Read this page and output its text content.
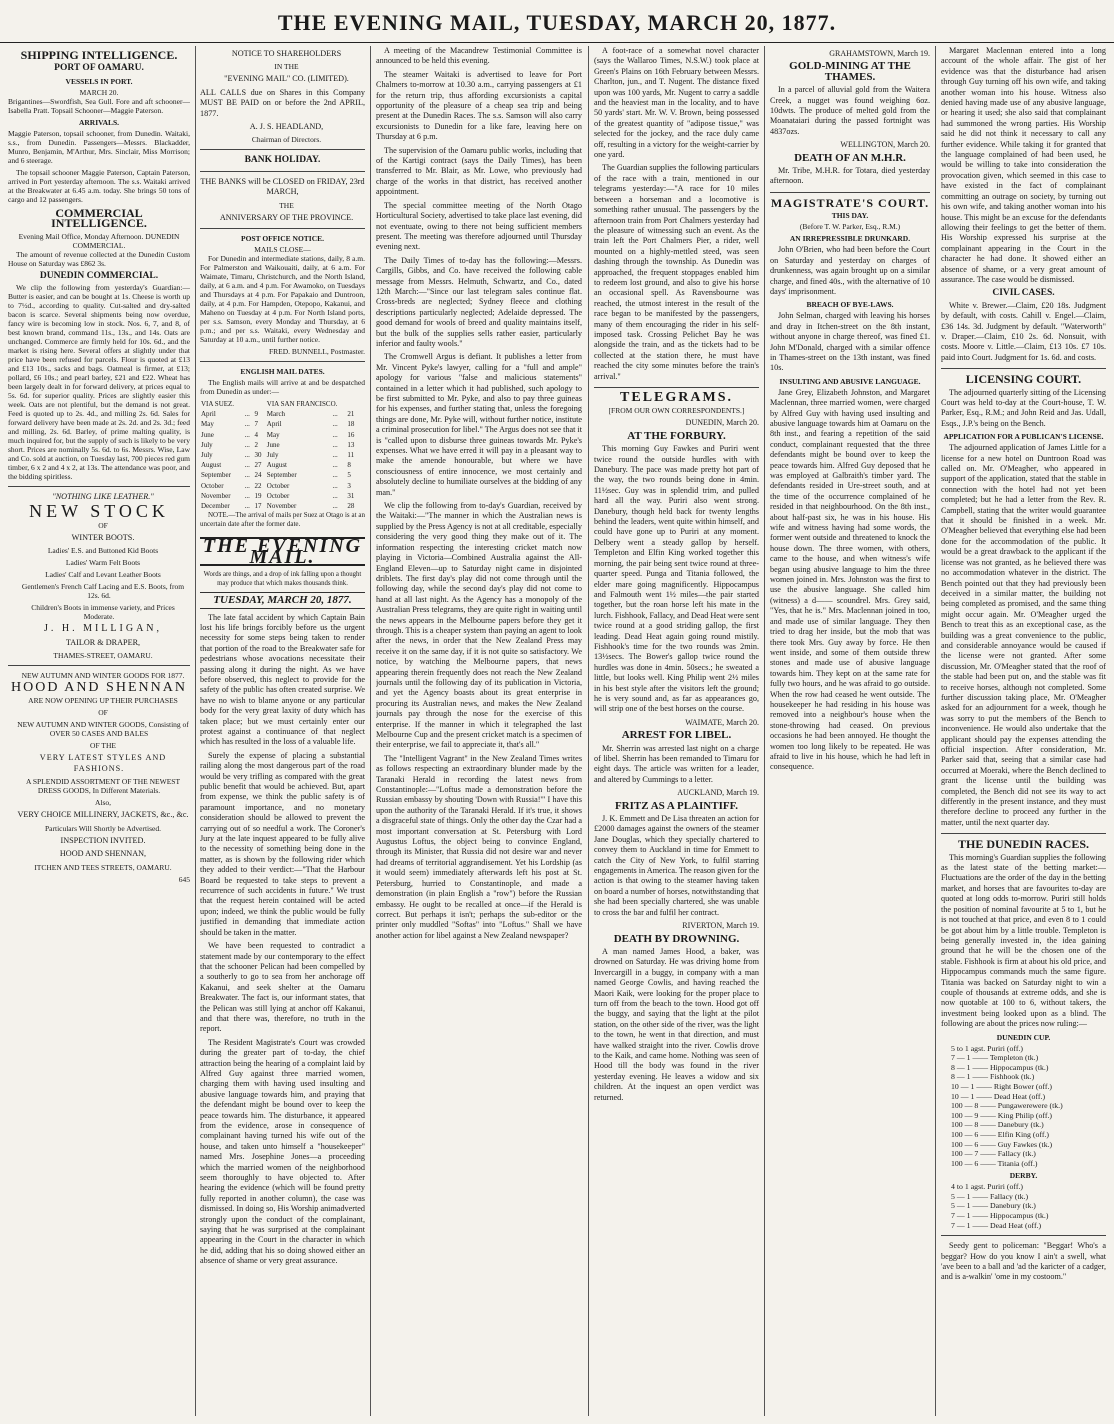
THE EVENING MAIL, TUESDAY, MARCH 20, 1877.
SHIPPING INTELLIGENCE.
PORT OF OAMARU.
VESSELS IN PORT.
MARCH 20.

Brigantines—Swordfish, Sea Gull. Fore and aft schooner—Isabella Pratt. Topsail Schooner—Maggie Paterson.

ARRIVALS.

Maggie Paterson, topsail schooner, from Dunedin. Waitaki, s.s., from Dunedin. Passengers—Messrs. Blackadder, Munro, Benjamin, M'Arthur, Mrs. Sinclair, Miss Morrison; and 6 steerage.

The topsail schooner Maggie Paterson, Captain Paterson, arrived in Port yesterday afternoon. The s.s. Waitaki arrived at the Breakwater at 6.45 a.m. today. She brings 50 tons of cargo and 12 passengers.

COMMERCIAL INTELLIGENCE.
Evening Mail Office, Monday Afternoon. DUNEDIN COMMERCIAL.

The amount of revenue collected at the Dunedin Custom House on Saturday was £862 3s.

DUNEDIN COMMERCIAL.

We clip the following from yesterday's Guardian:—Butter is easier, and can be bought at 1s. Cheese is worth up to 7½d., according to quality. Cut-salted and dry-salted bacon is scarce. Several shipments being now overdue, fancy wire is becoming low in stock. Nos. 6, 7, and 8, of best known brand, command 11s., 13s., and 14s. Oats are unchanged. Commerce are firmly held for 10s. 6d., and the market is rising here. Several offers at slightly under that price have been refused for parcels. Flour is quoted at £13 and £13 10s., sacks and bags. Oatmeal is firmer, at £13; pollard, £6 10s.; and pearl barley, £21 and £22. Wheat has been largely dealt in for forward delivery, at prices equal to 5s. 6d. for superior quality. Prices are slightly easier this week. Oats are not plentiful, but the demand is not great. Feed is quoted up to 2s. 4d., and milling 2s. 6d. Sales for forward delivery have been made at 2s. 2d. and 2s. 3d.; feed and milling, 2s. 6d. Barley, of prime malting quality, is much inquired for, but the supply of such is likely to be very short. Prices are nominally 5s. 6d. to 6s. Messrs. Wise, Law and Co. sold at auction, on Tuesday last, 700 pieces red gum timber, 6 x 2 and 4 x 2, at 13s. The attendance was poor, and the bidding spiritless.

"NOTHING LIKE LEATHER."

NEW STOCK

OF

WINTER BOOTS.

Ladies' E.S. and Buttoned Kid Boots

Ladies' Warm Felt Boots

Ladies' Calf and Levant Leather Boots

Gentlemen's French Calf Lacing and E.S. Boots, from 12s. 6d.

Children's Boots in immense variety, and Prices Moderate.

J. H. MILLIGAN,

TAILOR & DRAPER,

THAMES-STREET, OAMARU.

NEW AUTUMN AND WINTER GOODS FOR 1877.

HOOD AND SHENNAN

ARE NOW OPENING UP THEIR PURCHASES

OF

NEW AUTUMN AND WINTER GOODS, Consisting of OVER 50 CASES AND BALES

OF THE

VERY LATEST STYLES AND FASHIONS.

A SPLENDID ASSORTMENT OF THE NEWEST DRESS GOODS, In Different Materials.

Also,

VERY CHOICE MILLINERY, JACKETS, &c., &c.

Particulars Will Shortly be Advertised.

INSPECTION INVITED.

HOOD AND SHENNAN,

ITCHEN AND TEES STREETS, OAMARU.

645

NOTICE TO SHAREHOLDERS

IN THE

"EVENING MAIL" CO. (LIMITED).

ALL CALLS due on Shares in this Company MUST BE PAID on or before the 2nd APRIL, 1877.

A. J. S. HEADLAND,

Chairman of Directors.

BANK HOLIDAY.

THE BANKS will be CLOSED on FRIDAY, 23rd MARCH,

THE

ANNIVERSARY OF THE PROVINCE.

POST OFFICE NOTICE.
MAILS CLOSE—

For Dunedin and intermediate stations, daily, 8 a.m. For Palmerston and Waikouaiti, daily, at 6 a.m. For Waimate, Timaru, Christchurch, and the North Island, daily, at 6 a.m. and 4 p.m. For Awamoko, on Tuesdays and Thursdays at 4 p.m. For Papakaio and Duntroon, daily, at 4 p.m. For Hampden, Otepopo, Kakanui, and Maheno on Tuesday at 4 p.m. For North Island ports, per s.s. Samson, every Monday and Thursday, at 6 p.m.; and per s.s. Waitaki, every Wednesday and Saturday at 10 a.m., until further notice.

FRED. BUNNELL, Postmaster.

ENGLISH MAIL DATES.

The English mails will arrive at and be despatched from Dunedin as under:—

VIA SUEZ.			VIA SAN FRANCISCO.		
April	...	9	March	...	21
May	...	7	April	...	18
June	...	4	May	...	16
July	...	2	June	...	13
July	...	30	July	...	11
August	...	27	August	...	8
September	...	24	September	...	5
October	...	22	October	...	3
November	...	19	October	...	31
December	...	17	November	...	28

NOTE.—The arrival of mails per Suez at Otago is at an uncertain date after the former date.

THE EVENING MAIL.

Words are things, and a drop of ink falling upon a thought may produce that which makes thousands think.

TUESDAY, MARCH 20, 1877.

The late fatal accident by which Captain Bain lost his life brings forcibly before us the urgent necessity for some steps being taken to render that portion of the road to the Breakwater safe for pedestrians whose avocations necessitate their passing along it during the night. As we have before observed, this neglect to provide for the safety of the public has often created surprise. We have no wish to blame anyone or any particular body for the very great laxity of duty which has taken place; but we must certainly enter our protest against a continuance of that neglect which has resulted in the loss of a valuable life.

Surely the expense of placing a substantial railing along the most dangerous part of the road would be very trifling as compared with the great public benefit that would be achieved. But, apart from expense, we think the public safety is of paramount importance, and no monetary consideration should be allowed to prevent the carrying out of so needful a work. The Coroner's Jury at the late inquest appeared to be fully alive to the necessity of something being done in the matter, as is shown by the following rider which they added to their verdict:—"That the Harbour Board be requested to take steps to prevent a recurrence of such accidents in future." We trust that the request herein contained will be acted upon; indeed, we think the public would be fully justified in demanding that immediate action should be taken in the matter.

We have been requested to contradict a statement made by our contemporary to the effect that the schooner Pelican had been compelled by a southerly to go to sea from her anchorage off Kakanui, and seek shelter at the Oamaru Breakwater. The fact is, our informant states, that the Pelican was still lying at anchor off Kakanui, and that there was, therefore, no truth in the report.

The Resident Magistrate's Court was crowded during the greater part of to-day, the chief attraction being the hearing of a complaint laid by Alfred Guy against three married women, charging them with having used insulting and abusive language towards him, and praying that the defendant might be bound over to keep the peace towards him. The disturbance, it appeared from the evidence, arose in consequence of complainant having turned his wife out of the house, and taken unto himself a "housekeeper" named Mrs. Josephine Jones—a proceeding which the married women of the neighborhood seem thoroughly to have objected to. After hearing the evidence (which will be found pretty fully reported in another column), the case was dismissed. In doing so, His Worship animadverted strongly upon the conduct of the complainant, saying that he was surprised at the complainant appearing in the Court in the character in which he did, adding that his so doing showed either an absence of shame or very great assurance.

A meeting of the Macandrew Testimonial Committee is announced to be held this evening.

The steamer Waitaki is advertised to leave for Port Chalmers to-morrow at 10.30 a.m., carrying passengers at £1 for the return trip, thus affording excursionists a capital opportunity of the pleasure of a cheap sea trip and being present at the Dunedin Races. The s.s. Samson will also carry excursionists to Dunedin for a like fare, leaving here on Thursday at 6 p.m.

The supervision of the Oamaru public works, including that of the Kartigi contract (says the Daily Times), has been transferred to Mr. Blair, as Mr. Lowe, who previously had charge of the works in that district, has received another appointment.

The special committee meeting of the North Otago Horticultural Society, advertised to take place last evening, did not eventuate, owing to there not being sufficient members present. The meeting was therefore adjourned until Thursday evening next.

The Daily Times of to-day has the following:—Messrs. Cargills, Gibbs, and Co. have received the following cable message from Messrs. Helmuth, Schwartz, and Co., dated 12th March:—"Since our last telegram sales continue flat. Cross-breds are neglected; Sydney fleece and clothing descriptions particularly neglected; Adelaide depressed. The good demand for wools of breed and quality maintains itself, but the bulk of the supplies sells rather easier, particularly inferior and faulty wools."

The Cromwell Argus is defiant. It publishes a letter from Mr. Vincent Pyke's lawyer, calling for a "full and ample" apology for various "false and malicious statements" contained in a letter which it had published, such apology to be first submitted to Mr. Pyke, and also to pay three guineas for his expenses, and further stating that, unless the foregoing things are done, Mr. Pyke will, without further notice, institute a criminal prosecution for libel." The Argus does not see that it is "called upon to disburse three guineas towards Mr. Pyke's expenses. What we have erred it will pay in a pleasant way to make the amende honourable, but where we have consciousness of entire innocence, we most certainly and absolutely decline to humiliate ourselves at the bidding of any man."

We clip the following from to-day's Guardian, received by the Waitaki:—"The manner in which the Australian news is supplied by the Press Agency is not at all creditable, especially considering the very good thing they make out of it. The information respecting the interesting cricket match now playing in Victoria—Combined Australia against the All-England Eleven—up to Saturday night came in disjointed driblets. The first day's play did not come through until the following day, while the second day's play did not come to hand at all last night. As the Agency has a monopoly of the Australian Press telegrams, they are quite right in waiting until the news appears in the Melbourne papers before they get it through. This is a cheaper system than paying an agent to look after the news, in order that the New Zealand Press may receive it on the same day, if it is not quite so satisfactory. We notice, by watching the Melbourne papers, that news appearing therein frequently does not reach the New Zealand journals until the following day of its publication in Victoria, and yet the Agency boasts about its great enterprise in procuring its Australian news, and makes the New Zealand journals pay through the nose for the exercise of this enterprise. If the manner in which it telegraphed the last Melbourne Cup and the present cricket match is a specimen of their enterprise, we fail to appreciate it, that's all."

The "Intelligent Vagrant" in the New Zealand Times writes as follows respecting an extraordinary blunder made by the Taranaki Herald in recording the latest news from Constantinople:—"Loftus made a demonstration before the Russian embassy by shouting 'Down with Russia!'" I have this upon the authority of the Taranaki Herald. If it's true, it shows a disgraceful state of things. Only the other day the Czar had a most important conversation at St. Petersburg with Lord Augustus Loftus, the object being to convince England, through its Minister, that Russia did not desire war and never had dreams of territorial aggrandisement. Yet his Lordship (as it would seem) immediately afterwards left his post at St. Petersburg, hurried to Constantinople, and made a demonstration (in plain English a "row") before the Russian embassy. He ought to be recalled at once—if the Herald is correct. But perhaps it isn't; perhaps the sub-editor or the printer only muddled "Softas" into "Loftus." Shall we have another action for libel against a New Zealand newspaper?

A foot-race of a somewhat novel character (says the Wallaroo Times, N.S.W.) took place at Green's Plains on 16th February between Messrs. Charlton, jun., and T. Nugent. The distance fixed upon was 100 yards, Mr. Nugent to carry a saddle and the heaviest man in the locality, and to have 50 yards' start. Mr. W. V. Brown, being possessed of the greatest quantity of "adipose tissue," was selected for the jockey, and the race duly came off, resulting in a victory for the weight-carrier by one yard.

The Guardian supplies the following particulars of the race with a train, mentioned in our telegrams yesterday:—"A race for 10 miles between a horseman and a locomotive is something rather unusual. The passengers by the afternoon train from Port Chalmers yesterday had the pleasure of witnessing such an event. As the train left the Port Chalmers Pier, a rider, well mounted on a highly-mettled steed, was seen dashing through the township. As Dunedin was approached, the frequent stoppages enabled him to redeem lost ground, and also to give his horse an occasional spell. As Ravensbourne was reached, the utmost interest in the result of the race began to be manifested by the passengers, many of them encouraging the rider in his self-imposed task. Crossing Pelichet Bay he was alongside the train, and as the tickets had to be collected at the station there, he must have reached the city some minutes before the train's arrival."

TELEGRAMS.
[FROM OUR OWN CORRESPONDENTS.]
DUNEDIN, March 20.
AT THE FORBURY.

This morning Guy Fawkes and Puriri went twice round the outside hurdles with with Danebury. The pace was made pretty hot part of the way, the two rounds being done in 4min. 11½sec. Guy was in splendid trim, and pulled hard all the way. Puriri also went strong. Danebury, though held back for twenty lengths behind the leaders, went quite within himself, and could have gone up to Puriri at any moment. Delbery went a steady gallop by herself. Templeton and Elfin King worked together this morning, the pair being sent twice round at three-quarter speed. Punga and Titania followed, the elder mare going magnificently. Hippocampus and Falmouth went 1½ miles—the pair started together, but the roan horse left his mate in the lurch. Fishhook, Fallacy, and Dead Heat were sent twice round at a good striding gallop, the first leading. Dead Heat again going round mistily. Fishhook's time for the two rounds was 2min. 13½secs. The Bower's gallop twice round the hurdles was done in 4min. 50secs.; he sweated a little, but looks well. King Philip went 2½ miles in his best style after the visitors left the ground; he is very sound and, as far as appearances go, will strip one of the best horses on the course.

WAIMATE, March 20.
ARREST FOR LIBEL.

Mr. Sherrin was arrested last night on a charge of libel. Sherrin has been remanded to Timaru for eight days. The article was written for a leader, and altered by Cummings to a letter.

AUCKLAND, March 19.
FRITZ AS A PLAINTIFF.

J. K. Emmett and De Lisa threaten an action for £2000 damages against the owners of the steamer Jane Douglas, which they specially chartered to convey them to Auckland in time for Emmett to catch the City of New York, to fulfil starring engagements in America. The reason given for the action is that owing to the steamer having taken on board a number of horses, notwithstanding that she had been specially chartered, she was unable to cross the bar and fulfil her contract.

RIVERTON, March 19.
DEATH BY DROWNING.

A man named James Hood, a baker, was drowned on Saturday. He was driving home from Invercargill in a buggy, in company with a man named George Cowlis, and having reached the Maori Kaik, were looking for the proper place to turn off from the beach to the town. Hood got off the buggy, and saying that the light at the pilot station, on the other side of the river, was the light to the town, he went in that direction, and must have walked straight into the river. Cowlis drove to the Kaik, and came home. Nothing was seen of Hood till the body was found in the river yesterday evening. He leaves a widow and six children. At the inquest an open verdict was returned.

GRAHAMSTOWN, March 19.
GOLD-MINING AT THE THAMES.

In a parcel of alluvial gold from the Waitera Creek, a nugget was found weighing 6oz. 10dwts. The produce of melted gold from the Moanataiari during the passed fortnight was 4837ozs.

WELLINGTON, March 20.
DEATH OF AN M.H.R.

Mr. Tribe, M.H.R. for Totara, died yesterday afternoon.

MAGISTRATE'S COURT.
THIS DAY.
(Before T. W. Parker, Esq., R.M.)
AN IRREPRESSIBLE DRUNKARD.

John O'Brien, who had been before the Court on Saturday and yesterday on charges of drunkenness, was again brought up on a similar charge, and fined 40s., with the alternative of 10 days' imprisonment.

BREACH OF BYE-LAWS.

John Selman, charged with leaving his horses and dray in Itchen-street on the 8th instant, without anyone in charge thereof, was fined £1. John M'Donald, charged with a similar offence in Thames-street on the 13th instant, was fined 10s.

INSULTING AND ABUSIVE LANGUAGE.

Jane Grey, Elizabeth Johnston, and Margaret Maclennan, three married women, were charged by Alfred Guy with having used insulting and abusive language towards him at Oamaru on the 8th inst., and fearing a repetition of the said conduct, complainant requested that the three defendants might be bound over to keep the peace towards him. Alfred Guy deposed that he was employed at Galbraith's timber yard. The defendants resided in Ure-street south, and at the time of the occurrence complained of he resided in that neighbourhood. On the 8th inst., about half-past six, he was in his house. His wife and witness having had some words, the former went outside and threatened to knock the house down. The three women, with others, came to the house, and when witness's wife began using abusive language to him the three women joined in. Mrs. Johnston was the first to use the abusive language. She called him (witness) a d—— scoundrel. Mrs. Grey said, "Yes, that he is." Mrs. Maclennan joined in too, and made use of similar language. They then tried to drag her inside, but the mob that was there took Mrs. Guy away by force. He then went inside, and some of them outside threw stones and made use of abusive language towards him. They kept on at the same rate for fully two hours, and he was afraid to go outside. When the row had ceased he went outside. The housekeeper he had residing in his house was removed into a neighbour's house when the stone-throwing had ceased. On previous occasions he had been annoyed. He thought the women too long likely to be repeated. He was afraid to live in his house, which he had left in consequence.

Margaret Maclennan entered into a long account of the whole affair. The gist of her evidence was that the disturbance had arisen through Guy turning off his own wife, and taking another woman into his house. Witness also denied having made use of any abusive language, or hearing it used; she also said that complainant had summoned the wrong parties. His Worship said he did not think it necessary to call any further evidence. While taking it for granted that the language complained of had been used, he would be willing to take into consideration the provocation given, which seemed in this case to have existed in the fact of complainant committing an outrage on society, by turning out his own wife, and taking another woman into his house. This might be an excuse for the defendants allowing their feelings to get the better of them. His Worship expressed his surprise at the complainant appearing in the Court in the character he had done. It showed either an absence of shame, or a very great amount of assurance. The case would be dismissed.

CIVIL CASES.

White v. Brewer.—Claim, £20 18s. Judgment by default, with costs. Cahill v. Engel.—Claim, £36 14s. 3d. Judgment by default. "Waterworth" v. Draper.—Claim, £10 2s. 6d. Nonsuit, with costs. Moore v. Little.—Claim, £13 10s. £7 10s. paid into Court. Judgment for 1s. 6d. and costs.

LICENSING COURT.

The adjourned quarterly sitting of the Licensing Court was held to-day at the Court-house, T. W. Parker, Esq., R.M.; and John Reid and Jas. Udall, Esqs., J.P.'s being on the Bench.

APPLICATION FOR A PUBLICAN'S LICENSE.

The adjourned application of James Little for a license for a new hotel on Duntroon Road was called on. Mr. O'Meagher, who appeared in support of the application, stated that the stable in connection with the hotel had not yet been completed; but he had a letter from the Rev. R. Campbell, stating that the writer would guarantee that it should be finished in a week. Mr. O'Meagher believed that everything else had been done for the accommodation of the public. It would be a great drawback to the applicant if the license was not granted, as he believed there was no accommodation whatever in the district. The Bench pointed out that they had previously been deceived in a similar matter, the building not being completed as promised, and the same thing might occur again. Mr. O'Meagher urged the Bench to treat this as an exceptional case, as the building was a great convenience to the public, and considerable annoyance would be caused if the license were not granted. After some discussion, Mr. O'Meagher stated that the roof of the stable had been put on, and the stable was fit to receive horses, although not completed. Some further discussion taking place, Mr. O'Meagher asked for an adjournment for a week, though he was sorry to put the members of the Bench to inconvenience. He would also undertake that the applicant should pay the expenses attending the official inspection. After consideration, Mr. Parker said that, seeing that a similar case had occurred at Moeraki, where the Bench declined to grant the license until the building was completed, the Bench did not see its way to act differently in the present instance, and they must therefore decline to proceed any further in the matter, until the next quarter day.

THE DUNEDIN RACES.

This morning's Guardian supplies the following as the latest state of the betting market:— Fluctuations are the order of the day in the betting market, and horses that are favourites to-day are quoted at long odds to-morrow. Puriri still holds the position of nominal favourite at 5 to 1, but he is not touched at that price, and even 8 to 1 could be got about him by a little trouble. Templeton is being generally invested in, the idea gaining ground that he will be the chosen one of the stable. Fishhook is firm at about his old price, and Hippocampus commands much the same figure. Titania was backed on Saturday night to win a couple of thousands at extreme odds, and she is now quotable at 100 to 6, without takers, the investment being looked upon as a blind. The following are about the prices now ruling:—

DUNEDIN CUP.

5 to 1 agst. Puriri (off.)

7 — 1 —— Templeton (tk.)

8 — 1 —— Hippocampus (tk.)

8 — 1 —— Fishhook (tk.)

10 — 1 —— Right Bower (off.)

10 — 1 —— Dead Heat (off.)

100 — 8 —— Pungawerewere (tk.)

100 — 9 —— King Philip (off.)

100 — 8 —— Danebury (tk.)

100 — 6 —— Elfin King (off.)

100 — 6 —— Guy Fawkes (tk.)

100 — 7 —— Fallacy (tk.)

100 — 6 —— Titania (off.)

DERBY.

4 to 1 agst. Puriri (off.)

5 — 1 —— Fallacy (tk.)

5 — 1 —— Danebury (tk.)

7 — 1 —— Hippocampus (tk.)

7 — 1 —— Dead Heat (off.)

Seedy gent to policeman: "Beggar! Who's a beggar? How do you know I ain't a swell, what 'ave been to a ball and 'ad the karicter of a cadger, and is a-walkin' 'ome in my costoom."
